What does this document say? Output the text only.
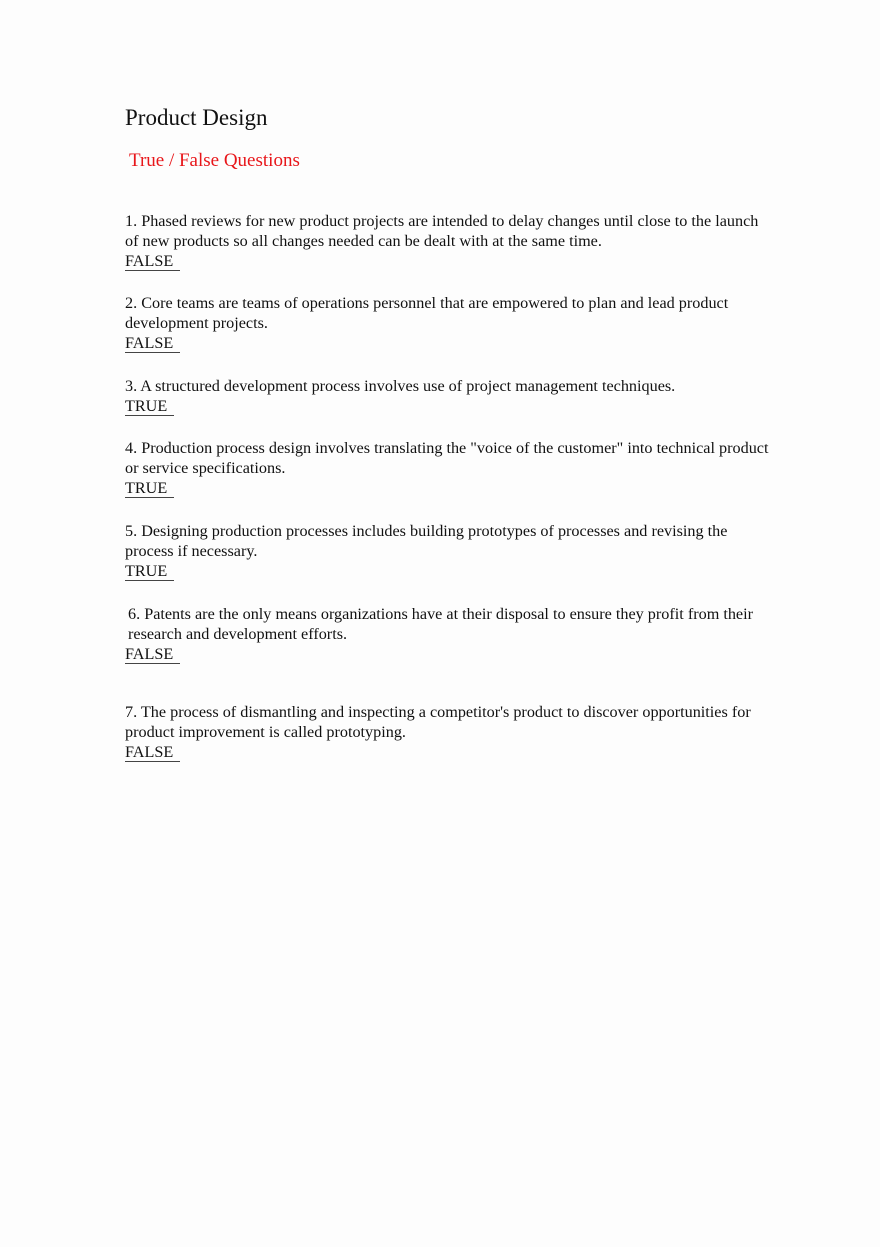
Product Design
True / False Questions
1. Phased reviews for new product projects are intended to delay changes until close to the launch of new products so all changes needed can be dealt with at the same time.
FALSE
2. Core teams are teams of operations personnel that are empowered to plan and lead product development projects.
FALSE
3. A structured development process involves use of project management techniques.
TRUE
4. Production process design involves translating the "voice of the customer" into technical product or service specifications.
TRUE
5. Designing production processes includes building prototypes of processes and revising the process if necessary.
TRUE
6. Patents are the only means organizations have at their disposal to ensure they profit from their research and development efforts.
FALSE
7. The process of dismantling and inspecting a competitor's product to discover opportunities for product improvement is called prototyping.
FALSE
